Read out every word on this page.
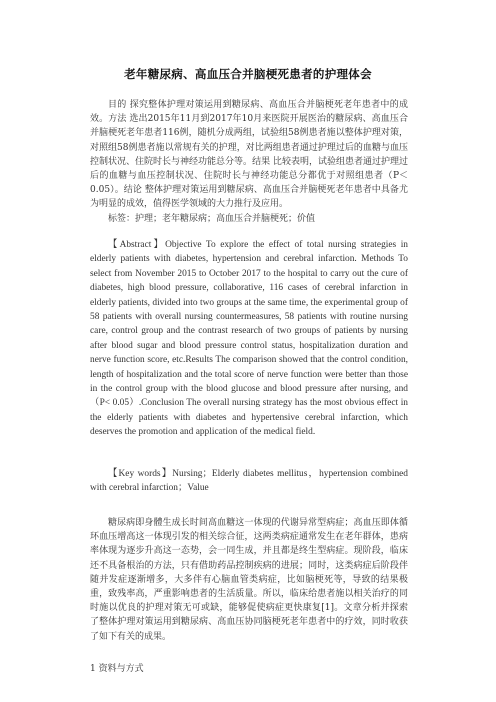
老年糖尿病、高血压合并脑梗死患者的护理体会
目的 探究整体护理对策运用到糖尿病、高血压合并脑梗死老年患者中的成效。方法 选出2015年11月到2017年10月来医院开展医治的糖尿病、高血压合并脑梗死老年患者116例，随机分成两组，试验组58例患者施以整体护理对策，对照组58例患者施以常规有关的护理，对比两组患者通过护理过后的血糖与血压控制状况、住院时长与神经功能总分等。结果 比较表明，试验组患者通过护理过后的血糖与血压控制状况、住院时长与神经功能总分都优于对照组患者（P＜0.05）。结论 整体护理对策运用到糖尿病、高血压合并脑梗死老年患者中具备尤为明显的成效，值得医学领域的大力推行及应用。
标签：护理；老年糖尿病；高血压合并脑梗死；价值
【Abstract】Objective To explore the effect of total nursing strategies in elderly patients with diabetes, hypertension and cerebral infarction. Methods To select from November 2015 to October 2017 to the hospital to carry out the cure of diabetes, high blood pressure, collaborative, 116 cases of cerebral infarction in elderly patients, divided into two groups at the same time, the experimental group of 58 patients with overall nursing countermeasures, 58 patients with routine nursing care, control group and the contrast research of two groups of patients by nursing after blood sugar and blood pressure control status, hospitalization duration and nerve function score, etc.Results The comparison showed that the control condition, length of hospitalization and the total score of nerve function were better than those in the control group with the blood glucose and blood pressure after nursing, and（P< 0.05）.Conclusion The overall nursing strategy has the most obvious effect in the elderly patients with diabetes and hypertensive cerebral infarction, which deserves the promotion and application of the medical field.
【Key words】Nursing；Elderly diabetes mellitus，hypertension combined with cerebral infarction；Value
糖尿病即身體生成长时间高血糖这一体现的代谢异常型病症；高血压即体循环血压增高这一体现引发的相关综合征，这两类病症通常发生在老年群体，患病率体现为逐步升高这一态势，会一同生成，并且都是终生型病症。现阶段，临床还不具备根治的方法，只有借助药品控制疾病的进展；同时，这类病症后阶段伴随并发症逐渐增多，大多伴有心脑血管类病症，比如脑梗死等，导致的结果极重，致残率高，严重影响患者的生活质量。所以，临床给患者施以相关治疗的同时施以优良的护理对策无可或缺，能够促使病症更快康复[1]。文章分析并探索了整体护理对策运用到糖尿病、高血压协同脑梗死老年患者中的疗效，同时收获了如下有关的成果。
1 资料与方式
